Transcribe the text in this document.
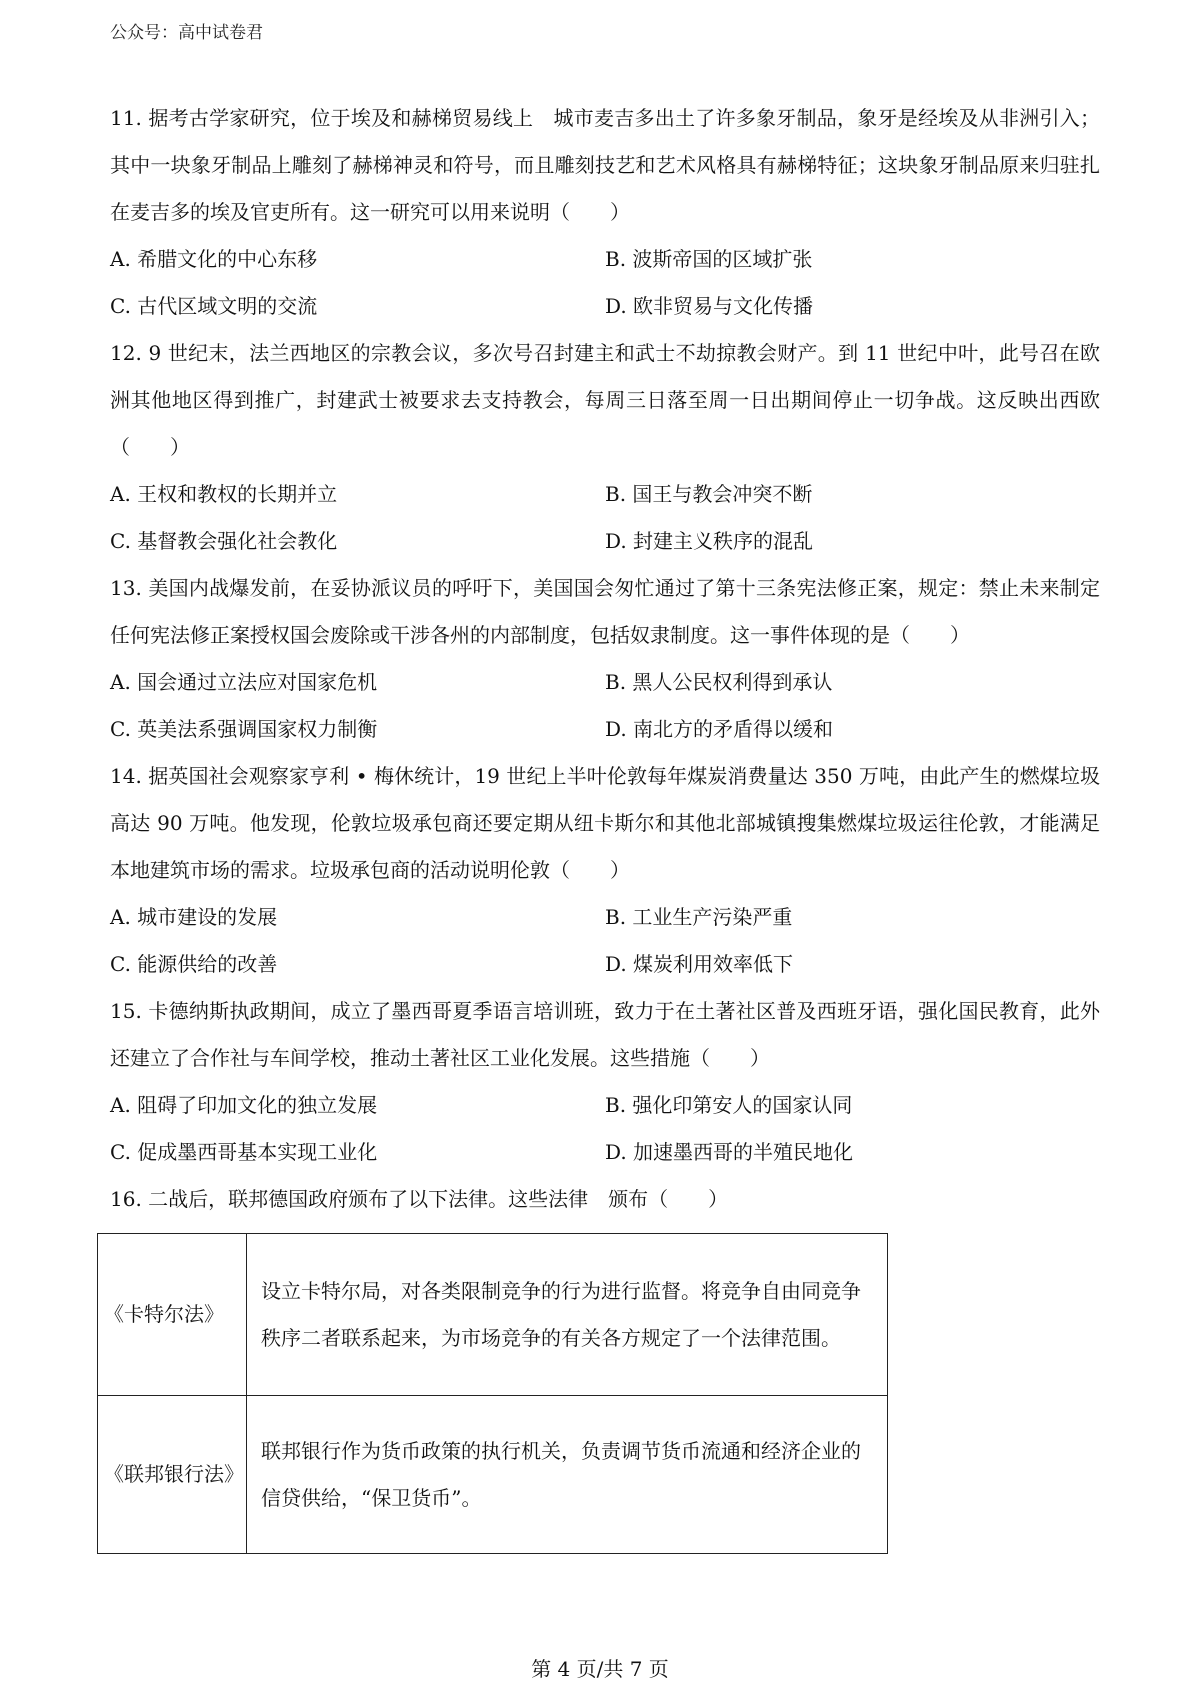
公众号：高中试卷君

11. 据考古学家研究，位于埃及和赫梯贸易线上　城市麦吉多出土了许多象牙制品，象牙是经埃及从非洲引入；其中一块象牙制品上雕刻了赫梯神灵和符号，而且雕刻技艺和艺术风格具有赫梯特征；这块象牙制品原来归驻扎在麦吉多的埃及官吏所有。这一研究可以用来说明（　　）

A. 希腊文化的中心东移	B. 波斯帝国的区域扩张
C. 古代区域文明的交流	D. 欧非贸易与文化传播

12. 9 世纪末，法兰西地区的宗教会议，多次号召封建主和武士不劫掠教会财产。到 11 世纪中叶，此号召在欧洲其他地区得到推广，封建武士被要求去支持教会，每周三日落至周一日出期间停止一切争战。这反映出西欧（　　）

A. 王权和教权的长期并立	B. 国王与教会冲突不断
C. 基督教会强化社会教化	D. 封建主义秩序的混乱

13. 美国内战爆发前，在妥协派议员的呼吁下，美国国会匆忙通过了第十三条宪法修正案，规定：禁止未来制定任何宪法修正案授权国会废除或干涉各州的内部制度，包括奴隶制度。这一事件体现的是（　　）

A. 国会通过立法应对国家危机	B. 黑人公民权利得到承认
C. 英美法系强调国家权力制衡	D. 南北方的矛盾得以缓和

14. 据英国社会观察家亨利 • 梅休统计，19 世纪上半叶伦敦每年煤炭消费量达 350 万吨，由此产生的燃煤垃圾高达 90 万吨。他发现，伦敦垃圾承包商还要定期从纽卡斯尔和其他北部城镇搜集燃煤垃圾运往伦敦，才能满足本地建筑市场的需求。垃圾承包商的活动说明伦敦（　　）

A. 城市建设的发展	B. 工业生产污染严重
C. 能源供给的改善	D. 煤炭利用效率低下

15. 卡德纳斯执政期间，成立了墨西哥夏季语言培训班，致力于在土著社区普及西班牙语，强化国民教育，此外还建立了合作社与车间学校，推动土著社区工业化发展。这些措施（　　）

A. 阻碍了印加文化的独立发展	B. 强化印第安人的国家认同
C. 促成墨西哥基本实现工业化	D. 加速墨西哥的半殖民地化

16. 二战后，联邦德国政府颁布了以下法律。这些法律　颁布（　　）

《卡特尔法》	设立卡特尔局，对各类限制竞争的行为进行监督。将竞争自由同竞争
秩序二者联系起来，为市场竞争的有关各方规定了一个法律范围。

《联邦银行法》	联邦银行作为货币政策的执行机关，负责调节货币流通和经济企业的
信贷供给，“保卫货币”。
第 4 页/共 7 页
